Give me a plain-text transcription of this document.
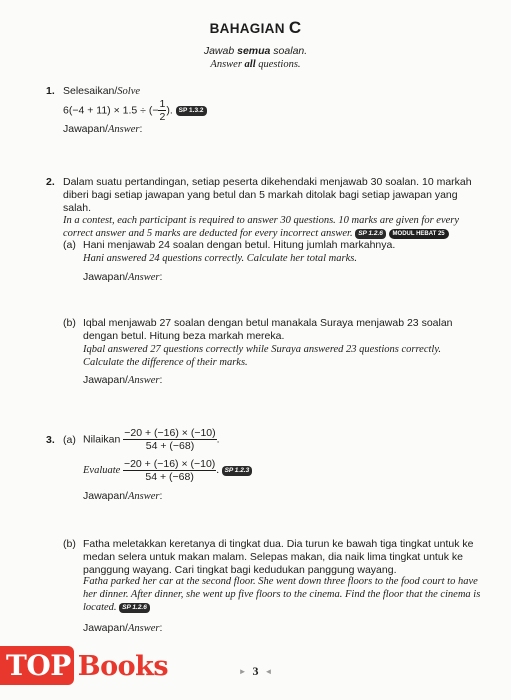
BAHAGIAN C
Jawab semua soalan.
Answer all questions.
1. Selesaikan/Solve
6(−4 + 11) × 1.5 ÷ (− $\frac{1}{2}$ ). SP 1.3.2
Jawapan/Answer:
2. Dalam suatu pertandingan, setiap peserta dikehendaki menjawab 30 soalan. 10 markah diberi bagi setiap jawapan yang betul dan 5 markah ditolak bagi setiap jawapan yang salah.
In a contest, each participant is required to answer 30 questions. 10 marks are given for every correct answer and 5 marks are deducted for every incorrect answer. SP 1.2.6 MODUL HEBAT 25
(a) Hani menjawab 24 soalan dengan betul. Hitung jumlah markahnya.
Hani answered 24 questions correctly. Calculate her total marks.
Jawapan/Answer:
(b) Iqbal menjawab 27 soalan dengan betul manakala Suraya menjawab 23 soalan dengan betul. Hitung beza markah mereka.
Iqbal answered 27 questions correctly while Suraya answered 23 questions correctly. Calculate the difference of their marks.
Jawapan/Answer:
3. (a) Nilaikan $\frac{-20 + (-16) \times (-10)}{54 + (-68)}$ .
Evaluate $\frac{-20 + (-16) \times (-10)}{54 + (-68)}$ . SP 1.2.3
Jawapan/Answer:
(b) Fatha meletakkan keretanya di tingkat dua. Dia turun ke bawah tiga tingkat untuk ke medan selera untuk makan malam. Selepas makan, dia naik lima tingkat untuk ke panggung wayang. Cari tingkat bagi kedudukan panggung wayang.
Fatha parked her car at the second floor. She went down three floors to the food court to have her dinner. After dinner, she went up five floors to the cinema. Find the floor that the cinema is located. SP 1.2.6
Jawapan/Answer:
► 3 ◄
TOP Books
